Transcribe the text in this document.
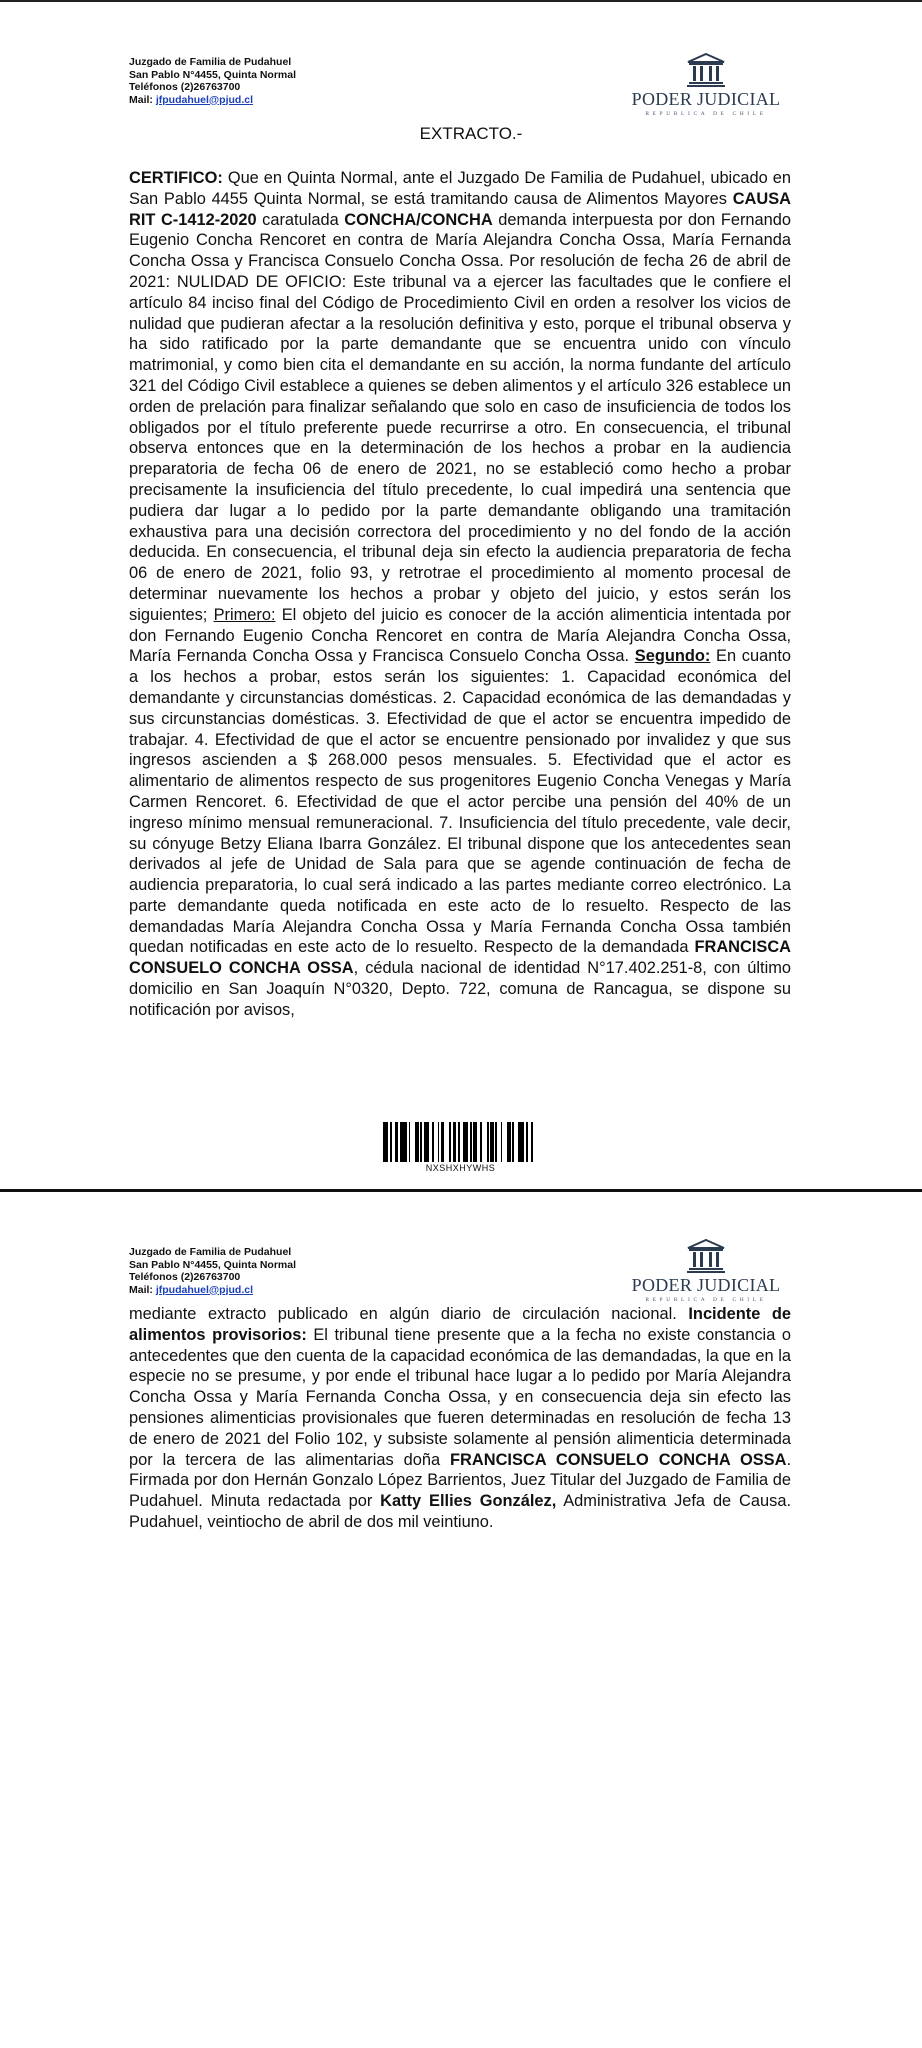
Juzgado de Familia de Pudahuel
San Pablo N°4455, Quinta Normal
Teléfonos (2)26763700
Mail: jfpudahuel@pjud.cl	PODER JUDICIAL
REPUBLICA DE CHILE
EXTRACTO.-

CERTIFICO: Que en Quinta Normal, ante el Juzgado De Familia de Pudahuel, ubicado en San Pablo 4455 Quinta Normal, se está tramitando causa de Alimentos Mayores CAUSA RIT C-1412-2020 caratulada CONCHA/CONCHA demanda interpuesta por don Fernando Eugenio Concha Rencoret en contra de María Alejandra Concha Ossa, María Fernanda Concha Ossa y Francisca Consuelo Concha Ossa. Por resolución de fecha 26 de abril de 2021: NULIDAD DE OFICIO: Este tribunal va a ejercer las facultades que le confiere el artículo 84 inciso final del Código de Procedimiento Civil en orden a resolver los vicios de nulidad que pudieran afectar a la resolución definitiva y esto, porque el tribunal observa y ha sido ratificado por la parte demandante que se encuentra unido con vínculo matrimonial, y como bien cita el demandante en su acción, la norma fundante del artículo 321 del Código Civil establece a quienes se deben alimentos y el artículo 326 establece un orden de prelación para finalizar señalando que solo en caso de insuficiencia de todos los obligados por el título preferente puede recurrirse a otro. En consecuencia, el tribunal observa entonces que en la determinación de los hechos a probar en la audiencia preparatoria de fecha 06 de enero de 2021, no se estableció como hecho a probar precisamente la insuficiencia del título precedente, lo cual impedirá una sentencia que pudiera dar lugar a lo pedido por la parte demandante obligando una tramitación exhaustiva para una decisión correctora del procedimiento y no del fondo de la acción deducida. En consecuencia, el tribunal deja sin efecto la audiencia preparatoria de fecha 06 de enero de 2021, folio 93, y retrotrae el procedimiento al momento procesal de determinar nuevamente los hechos a probar y objeto del juicio, y estos serán los siguientes; Primero: El objeto del juicio es conocer de la acción alimenticia intentada por don Fernando Eugenio Concha Rencoret en contra de María Alejandra Concha Ossa, María Fernanda Concha Ossa y Francisca Consuelo Concha Ossa. Segundo: En cuanto a los hechos a probar, estos serán los siguientes: 1. Capacidad económica del demandante y circunstancias domésticas. 2. Capacidad económica de las demandadas y sus circunstancias domésticas. 3. Efectividad de que el actor se encuentra impedido de trabajar. 4. Efectividad de que el actor se encuentre pensionado por invalidez y que sus ingresos ascienden a $ 268.000 pesos mensuales. 5. Efectividad que el actor es alimentario de alimentos respecto de sus progenitores Eugenio Concha Venegas y María Carmen Rencoret. 6. Efectividad de que el actor percibe una pensión del 40% de un ingreso mínimo mensual remuneracional. 7. Insuficiencia del título precedente, vale decir, su cónyuge Betzy Eliana Ibarra González. El tribunal dispone que los antecedentes sean derivados al jefe de Unidad de Sala para que se agende continuación de fecha de audiencia preparatoria, lo cual será indicado a las partes mediante correo electrónico. La parte demandante queda notificada en este acto de lo resuelto. Respecto de las demandadas María Alejandra Concha Ossa y María Fernanda Concha Ossa también quedan notificadas en este acto de lo resuelto. Respecto de la demandada FRANCISCA CONSUELO CONCHA OSSA, cédula nacional de identidad N°17.402.251-8, con último domicilio en San Joaquín N°0320, Depto. 722, comuna de Rancagua, se dispone su notificación por avisos,

NXSHXHYWHS
Juzgado de Familia de Pudahuel
San Pablo N°4455, Quinta Normal
Teléfonos (2)26763700
Mail: jfpudahuel@pjud.cl	PODER JUDICIAL
REPUBLICA DE CHILE

mediante extracto publicado en algún diario de circulación nacional. Incidente de alimentos provisorios: El tribunal tiene presente que a la fecha no existe constancia o antecedentes que den cuenta de la capacidad económica de las demandadas, la que en la especie no se presume, y por ende el tribunal hace lugar a lo pedido por María Alejandra Concha Ossa y María Fernanda Concha Ossa, y en consecuencia deja sin efecto las pensiones alimenticias provisionales que fueren determinadas en resolución de fecha 13 de enero de 2021 del Folio 102, y subsiste solamente al pensión alimenticia determinada por la tercera de las alimentarias doña FRANCISCA CONSUELO CONCHA OSSA. Firmada por don Hernán Gonzalo López Barrientos, Juez Titular del Juzgado de Familia de Pudahuel. Minuta redactada por Katty Ellies González, Administrativa Jefa de Causa. Pudahuel, veintiocho de abril de dos mil veintiuno.
